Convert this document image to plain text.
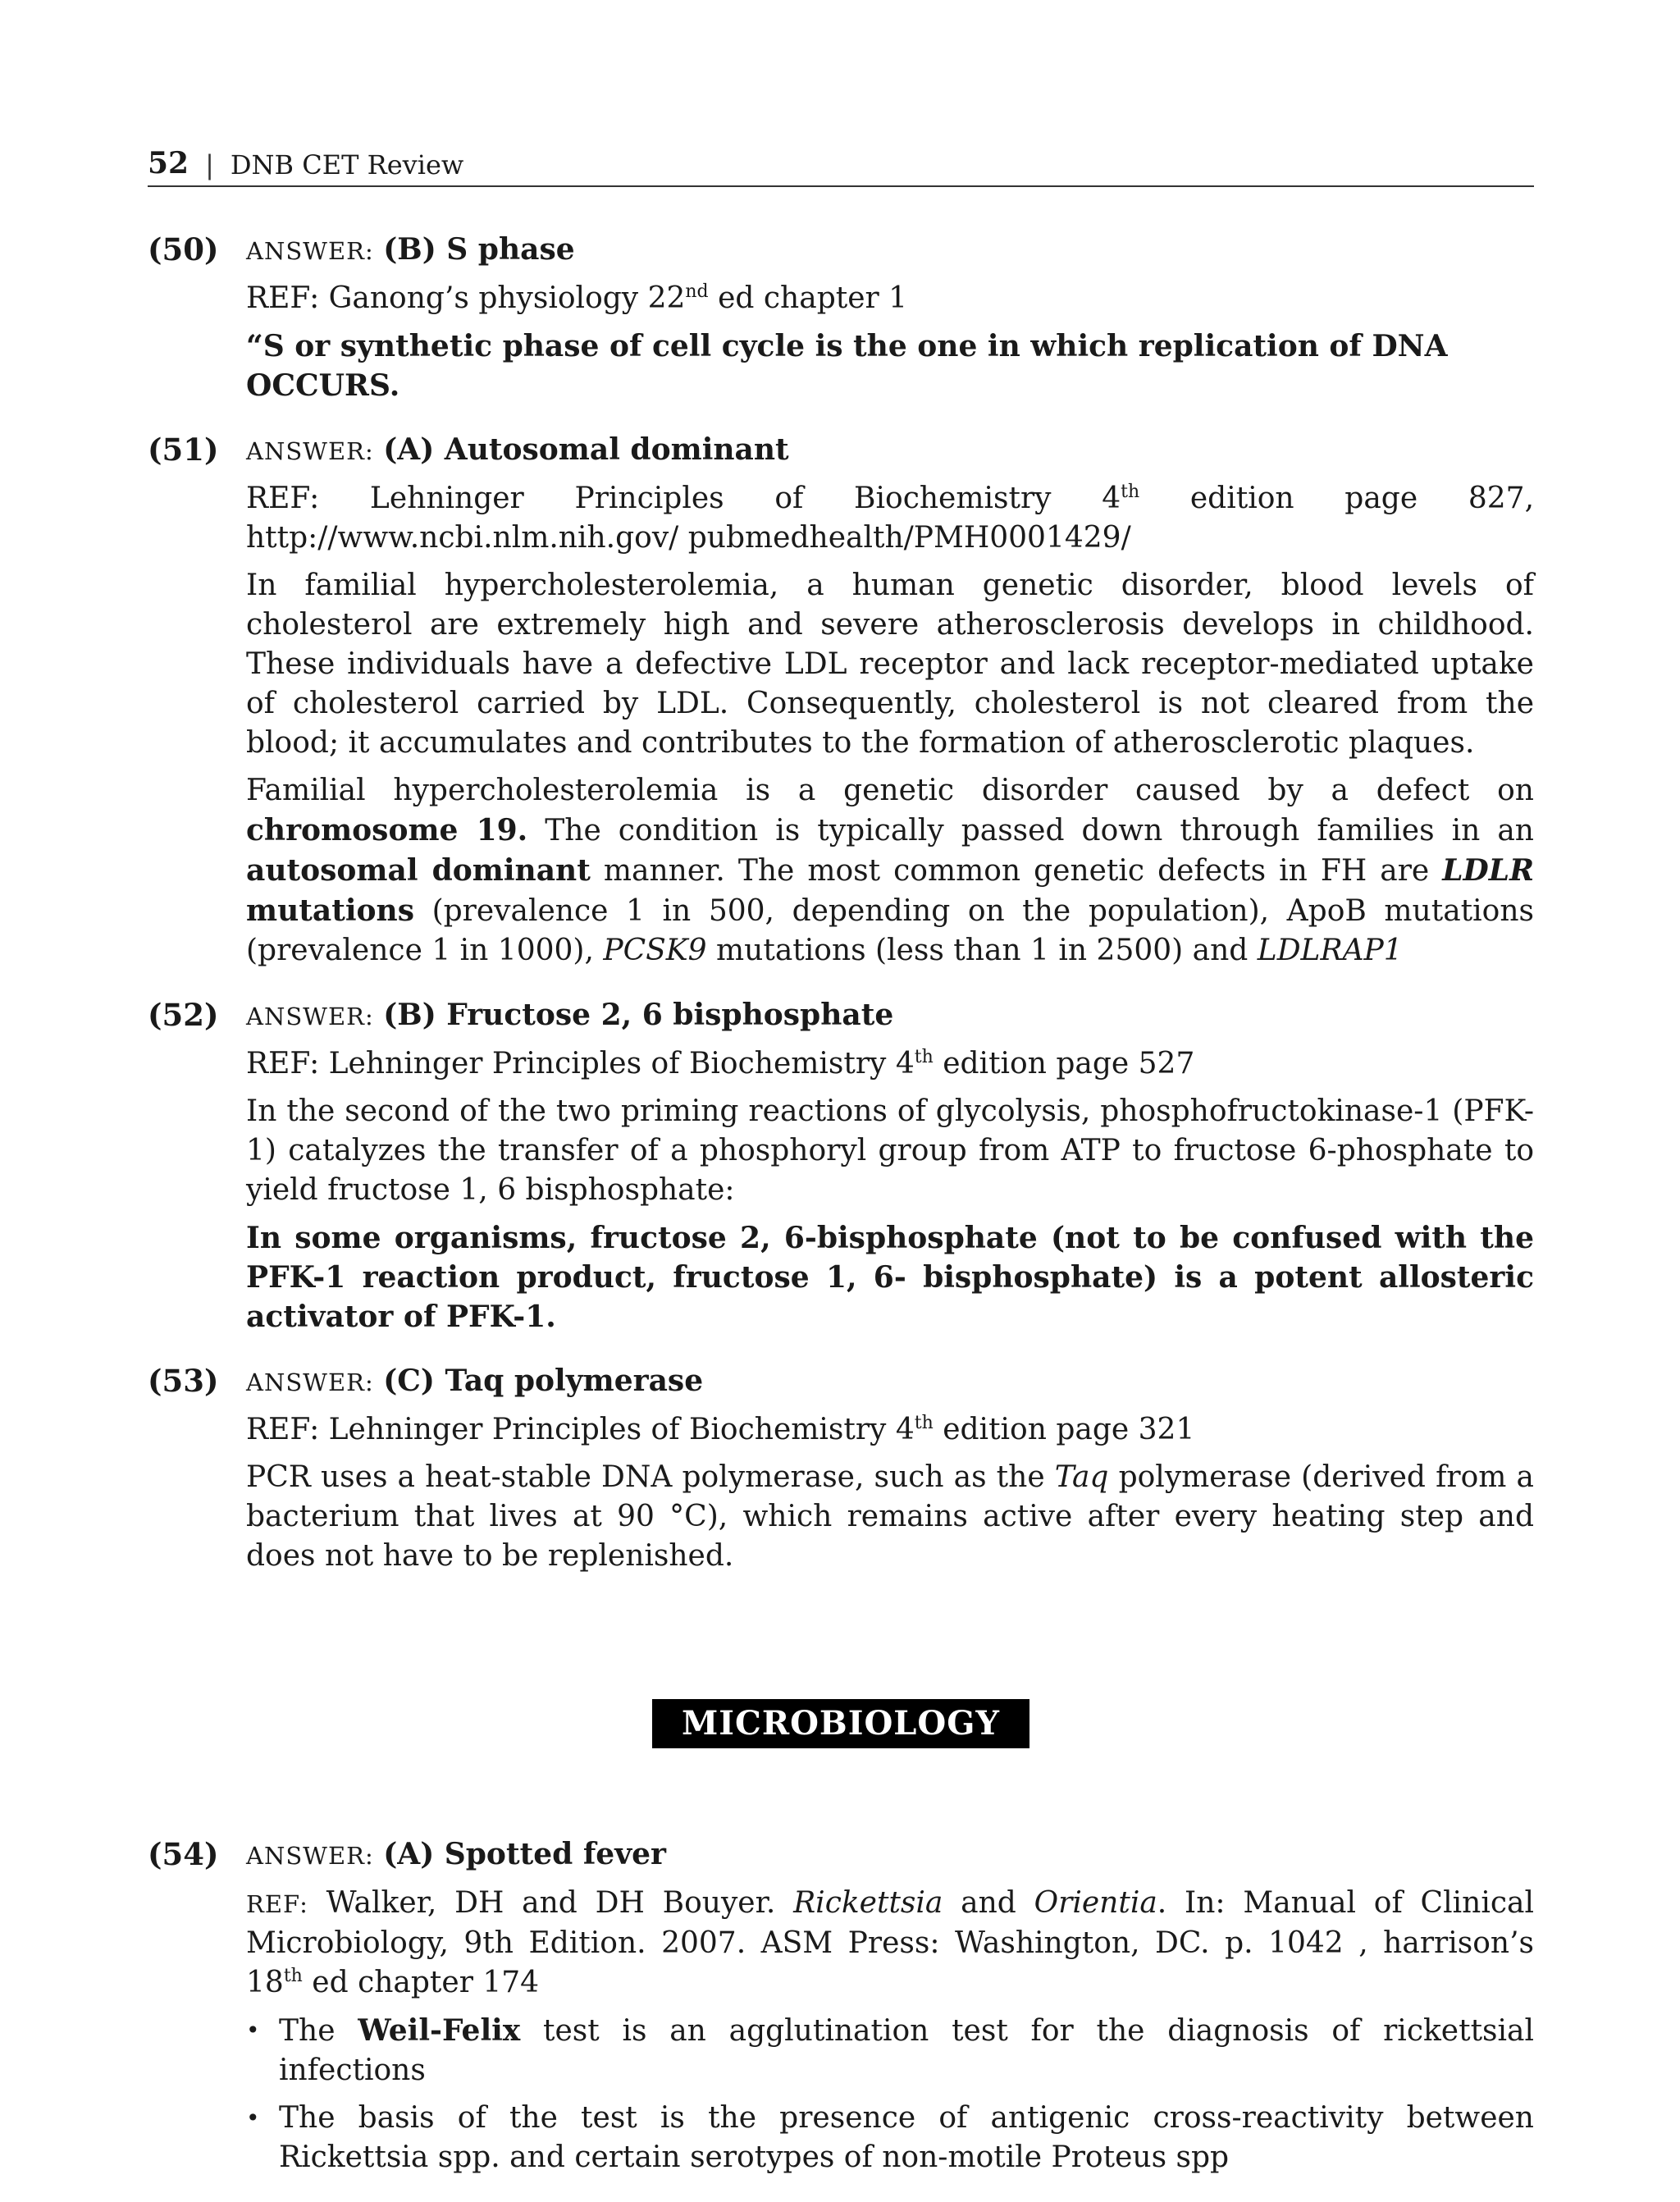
52 | DNB CET Review
(50) ANSWER: (B) S phase

REF: Ganong’s physiology 22nd ed chapter 1

“S or synthetic phase of cell cycle is the one in which replication of DNA OCCURS.

(51) ANSWER: (A) Autosomal dominant

REF: Lehninger Principles of Biochemistry 4th edition page 827, http://www.ncbi.nlm.nih.gov/ pubmedhealth/PMH0001429/

In familial hypercholesterolemia, a human genetic disorder, blood levels of cholesterol are extremely high and severe atherosclerosis develops in childhood. These individuals have a defective LDL receptor and lack receptor-mediated uptake of cholesterol carried by LDL. Consequently, cholesterol is not cleared from the blood; it accumulates and contributes to the formation of atherosclerotic plaques.

Familial hypercholesterolemia is a genetic disorder caused by a defect on chromosome 19. The condition is typically passed down through families in an autosomal dominant manner. The most common genetic defects in FH are LDLR mutations (prevalence 1 in 500, depending on the population), ApoB mutations (prevalence 1 in 1000), PCSK9 mutations (less than 1 in 2500) and LDLRAP1

(52) ANSWER: (B) Fructose 2, 6 bisphosphate

REF: Lehninger Principles of Biochemistry 4th edition page 527

In the second of the two priming reactions of glycolysis, phosphofructokinase-1 (PFK-1) catalyzes the transfer of a phosphoryl group from ATP to fructose 6-phosphate to yield fructose 1, 6 bisphosphate:

In some organisms, fructose 2, 6-bisphosphate (not to be confused with the PFK-1 reaction product, fructose 1, 6- bisphosphate) is a potent allosteric activator of PFK-1.

(53) ANSWER: (C) Taq polymerase

REF: Lehninger Principles of Biochemistry 4th edition page 321

PCR uses a heat-stable DNA polymerase, such as the Taq polymerase (derived from a bacterium that lives at 90 °C), which remains active after every heating step and does not have to be replenished.

MICROBIOLOGY
(54) ANSWER: (A) Spotted fever

REF: Walker, DH and DH Bouyer. Rickettsia and Orientia. In: Manual of Clinical Microbiology, 9th Edition. 2007. ASM Press: Washington, DC. p. 1042 , harrison’s 18th ed chapter 174

• The Weil-Felix test is an agglutination test for the diagnosis of rickettsial infections
• The basis of the test is the presence of antigenic cross-reactivity between Rickettsia spp. and certain serotypes of non-motile Proteus spp
